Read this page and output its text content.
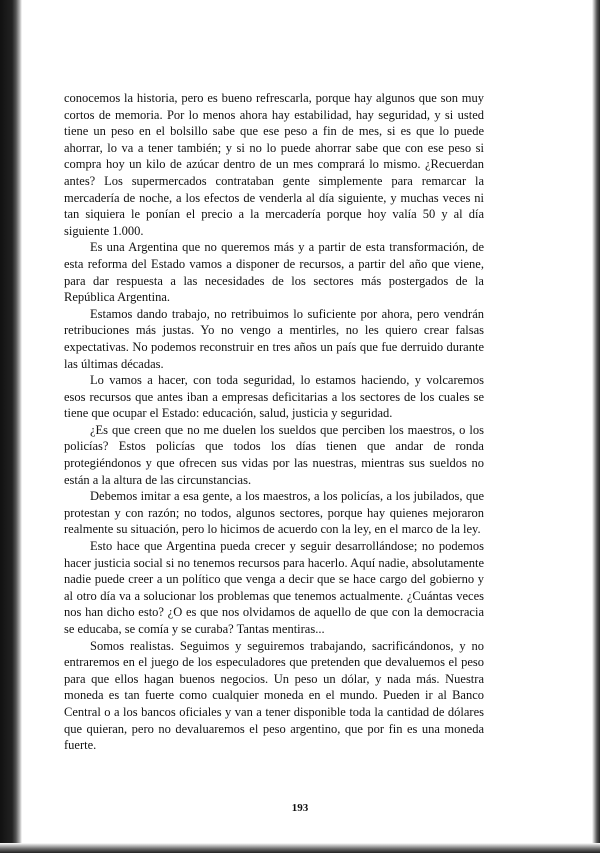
conocemos la historia, pero es bueno refrescarla, porque hay algunos que son muy cortos de memoria. Por lo menos ahora hay estabilidad, hay seguridad, y si usted tiene un peso en el bolsillo sabe que ese peso a fin de mes, si es que lo puede ahorrar, lo va a tener también; y si no lo puede ahorrar sabe que con ese peso si compra hoy un kilo de azúcar dentro de un mes comprará lo mismo. ¿Recuerdan antes? Los supermercados contrataban gente simplemente para remarcar la mercadería de noche, a los efectos de venderla al día siguiente, y muchas veces ni tan siquiera le ponían el precio a la mercadería porque hoy valía 50 y al día siguiente 1.000.

Es una Argentina que no queremos más y a partir de esta transformación, de esta reforma del Estado vamos a disponer de recursos, a partir del año que viene, para dar respuesta a las necesidades de los sectores más postergados de la República Argentina.

Estamos dando trabajo, no retribuimos lo suficiente por ahora, pero vendrán retribuciones más justas. Yo no vengo a mentirles, no les quiero crear falsas expectativas. No podemos reconstruir en tres años un país que fue derruido durante las últimas décadas.

Lo vamos a hacer, con toda seguridad, lo estamos haciendo, y volcaremos esos recursos que antes iban a empresas deficitarias a los sectores de los cuales se tiene que ocupar el Estado: educación, salud, justicia y seguridad.

¿Es que creen que no me duelen los sueldos que perciben los maestros, o los policías? Estos policías que todos los días tienen que andar de ronda protegiéndonos y que ofrecen sus vidas por las nuestras, mientras sus sueldos no están a la altura de las circunstancias.

Debemos imitar a esa gente, a los maestros, a los policías, a los jubilados, que protestan y con razón; no todos, algunos sectores, porque hay quienes mejoraron realmente su situación, pero lo hicimos de acuerdo con la ley, en el marco de la ley.

Esto hace que Argentina pueda crecer y seguir desarrollándose; no podemos hacer justicia social si no tenemos recursos para hacerlo. Aquí nadie, absolutamente nadie puede creer a un político que venga a decir que se hace cargo del gobierno y al otro día va a solucionar los problemas que tenemos actualmente. ¿Cuántas veces nos han dicho esto? ¿O es que nos olvidamos de aquello de que con la democracia se educaba, se comía y se curaba? Tantas mentiras...

Somos realistas. Seguimos y seguiremos trabajando, sacrificándonos, y no entraremos en el juego de los especuladores que pretenden que devaluemos el peso para que ellos hagan buenos negocios. Un peso un dólar, y nada más. Nuestra moneda es tan fuerte como cualquier moneda en el mundo. Pueden ir al Banco Central o a los bancos oficiales y van a tener disponible toda la cantidad de dólares que quieran, pero no devaluaremos el peso argentino, que por fin es una moneda fuerte.

193
